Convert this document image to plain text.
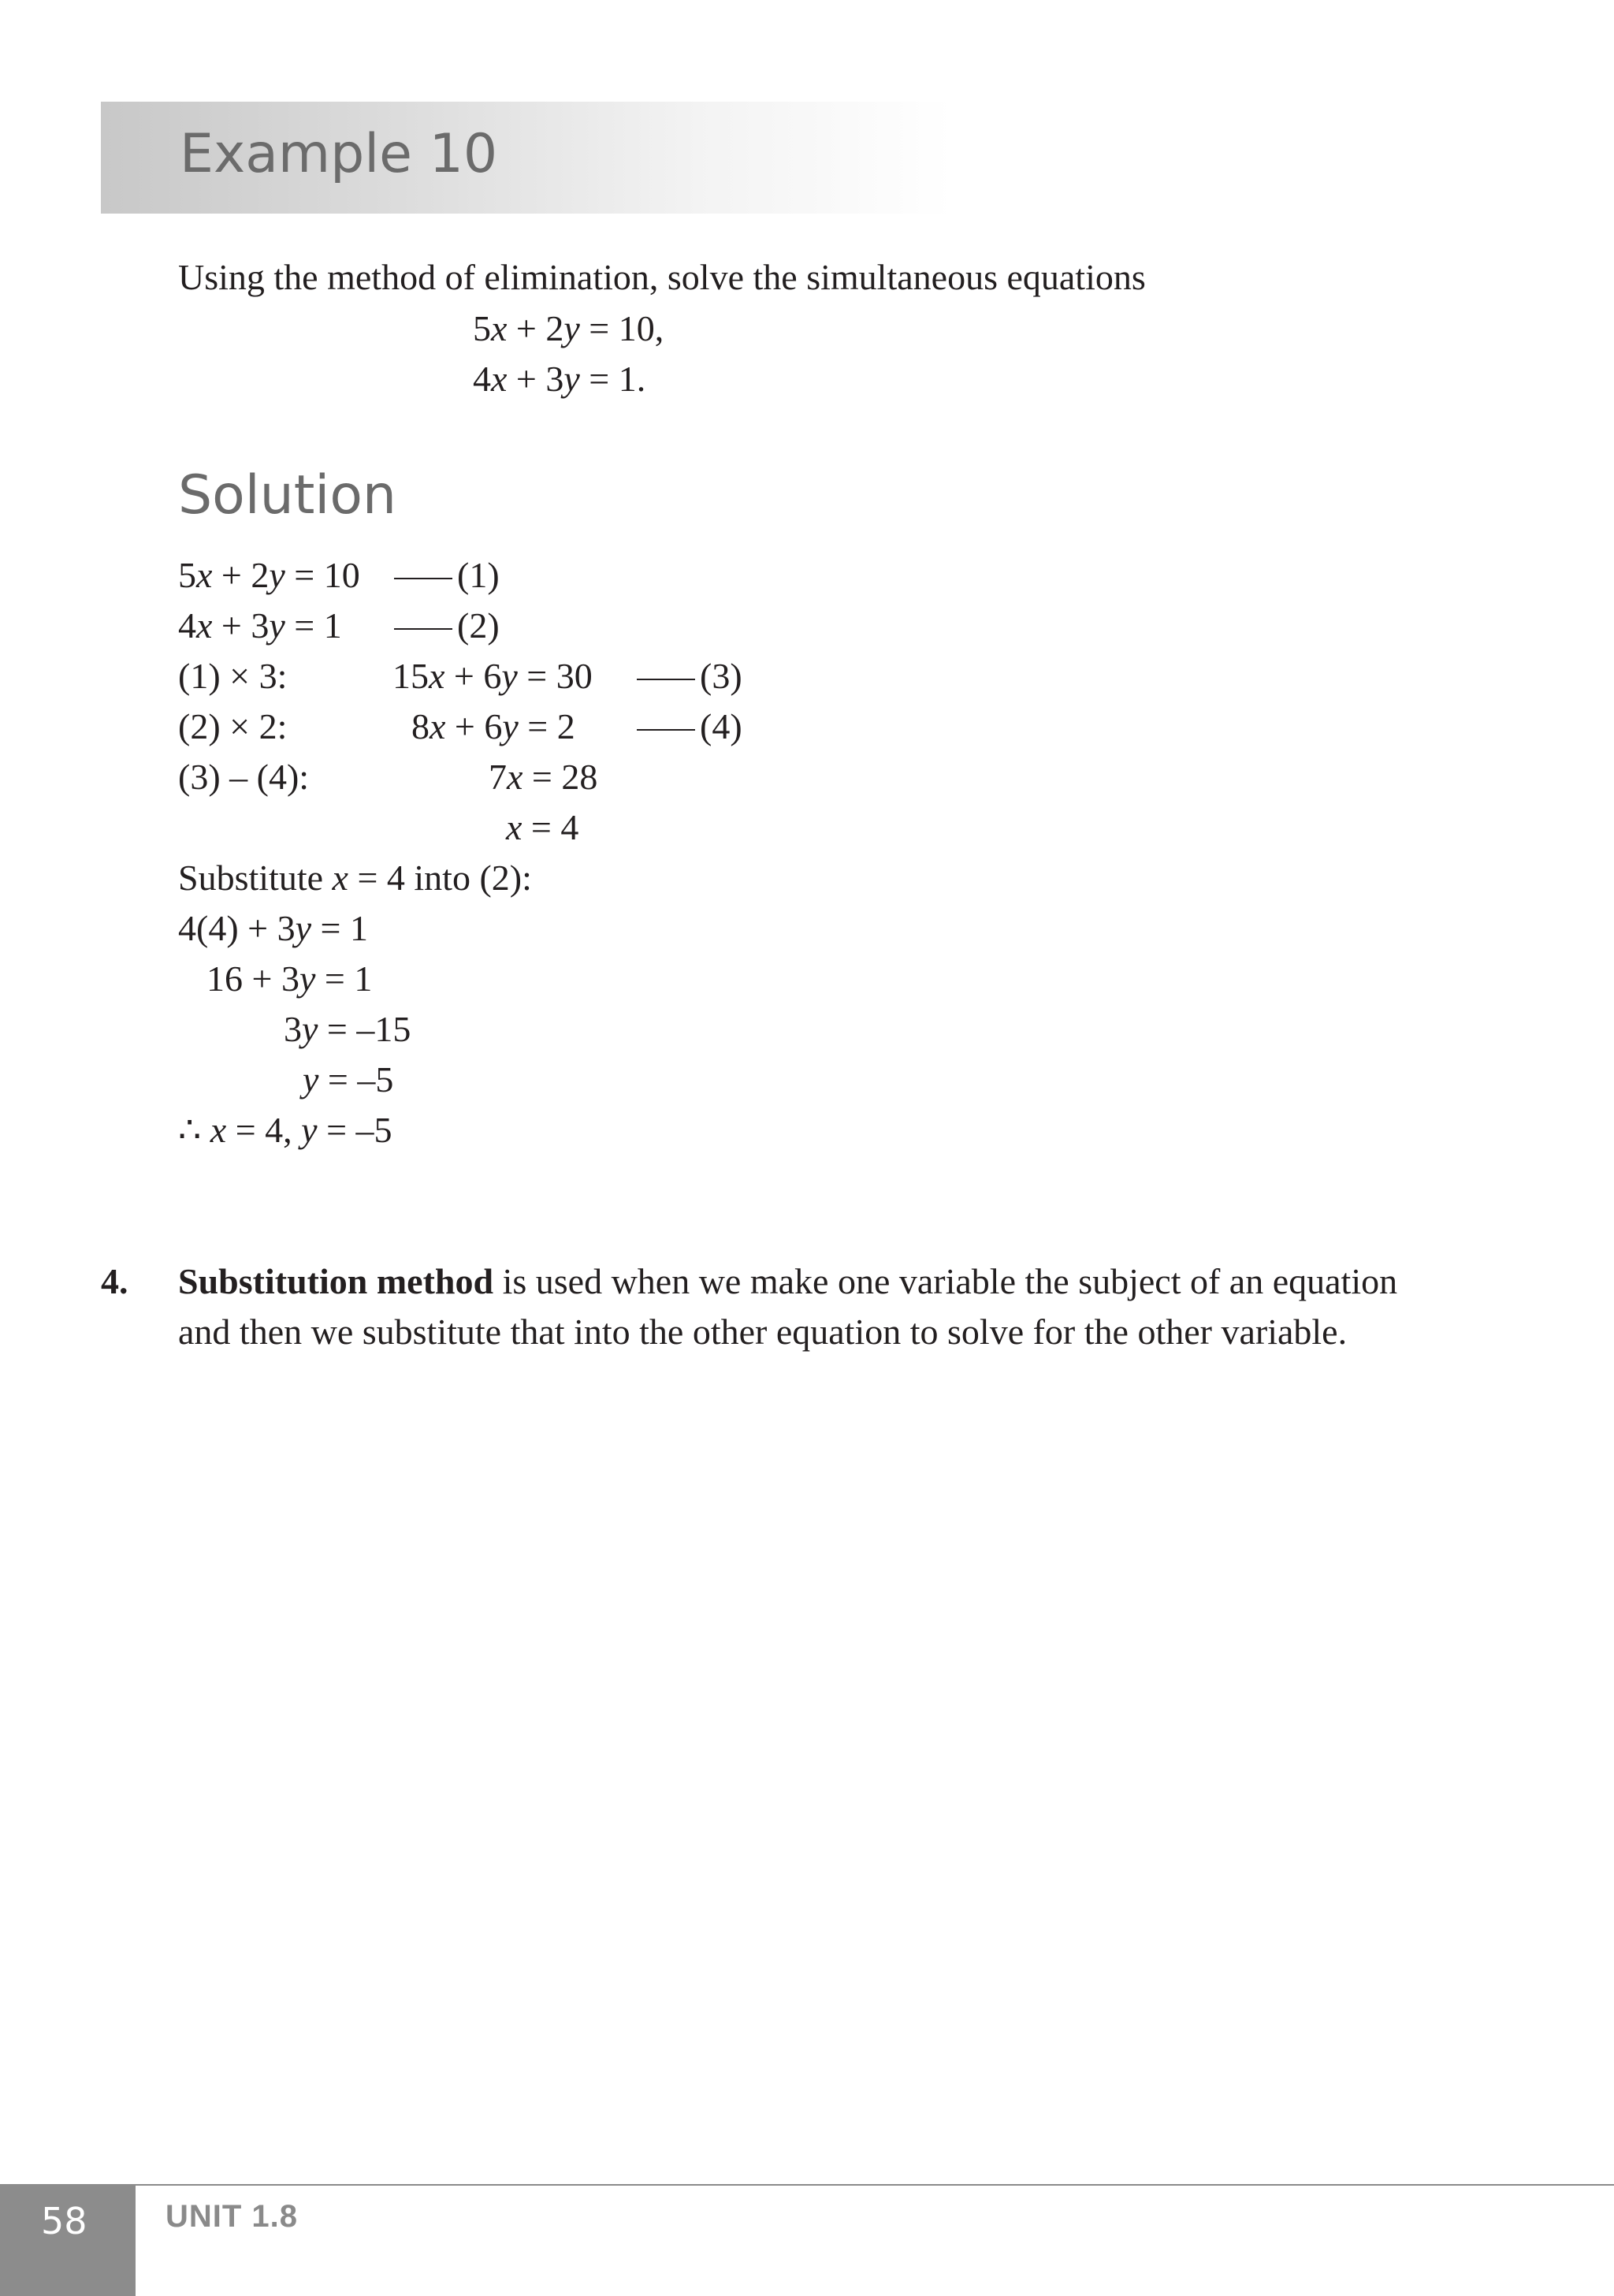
Example 10

Using the method of elimination, solve the simultaneous equations

5x + 2y = 10,

4x + 3y = 1.

Solution

5x + 2y = 10	(1)

4x + 3y = 1	(2)

(1) × 3:	15x + 6y = 30	(3)

(2) × 2:	8x + 6y = 2	(4)

(3) – (4):	7x = 28

x = 4

Substitute x = 4 into (2):

4(4) + 3y = 1

16 + 3y = 1

3y = –15

y = –5

∴ x = 4, y = –5

4. Substitution method is used when we make one variable the subject of an equation

and then we substitute that into the other equation to solve for the other variable.

58 UNIT 1.8
